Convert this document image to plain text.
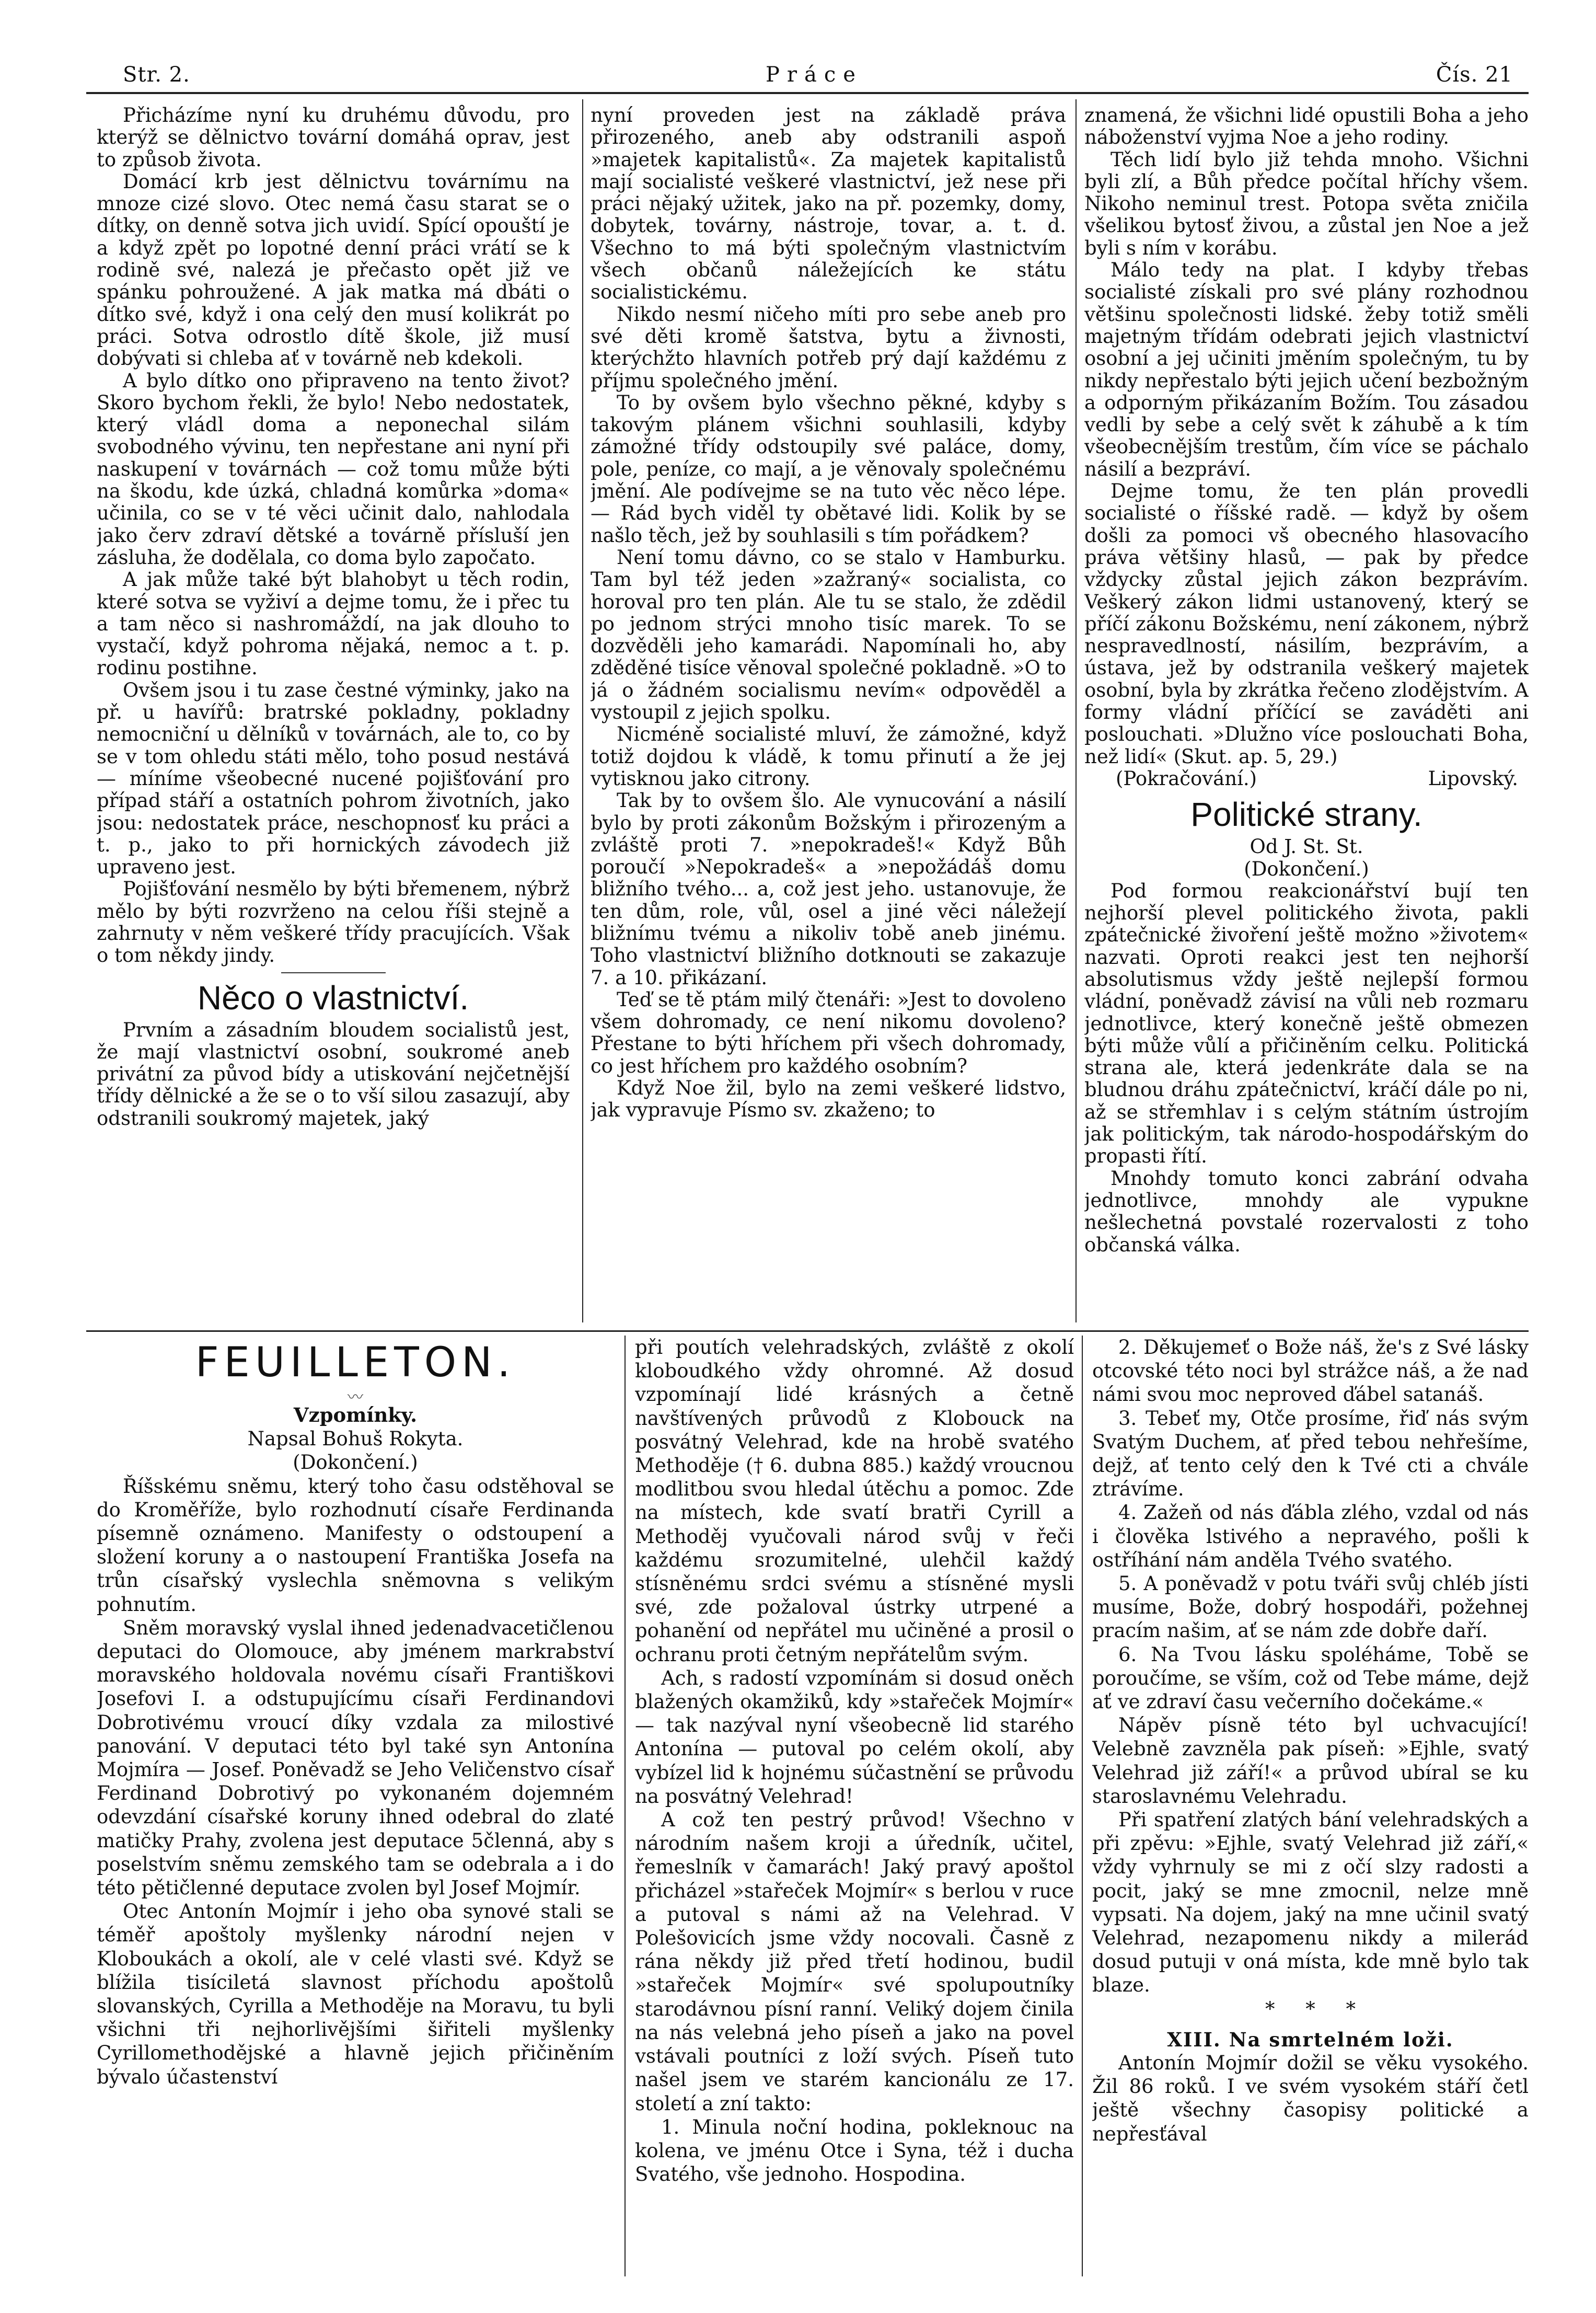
Str. 2.	Práce	Čís. 21

Přicházíme nyní ku druhému důvodu, pro kterýž se dělnictvo tovární domáhá oprav, jest to způsob života.

Domácí krb jest dělnictvu továrnímu na mnoze cizé slovo. Otec nemá času starat se o dítky, on denně sotva jich uvidí. Spící opouští je a když zpět po lopotné denní práci vrátí se k rodině své, nalezá je přečasto opět již ve spánku pohroužené. A jak matka má dbáti o dítko své, když i ona celý den musí kolikrát po práci. Sotva odrostlo dítě škole, již musí dobývati si chleba ať v továrně neb kdekoli.

A bylo dítko ono připraveno na tento život? Skoro bychom řekli, že bylo! Nebo nedostatek, který vládl doma a neponechal silám svobodného vývinu, ten nepřestane ani nyní při naskupení v továrnách — což tomu může býti na škodu, kde úzká, chladná komůrka »doma« učinila, co se v té věci učinit dalo, nahlodala jako červ zdraví dětské a továrně přísluší jen zásluha, že dodělala, co doma bylo započato.

A jak může také být blahobyt u těch rodin, které sotva se vyživí a dejme tomu, že i přec tu a tam něco si nashromáždí, na jak dlouho to vystačí, když pohroma nějaká, nemoc a t. p. rodinu postihne.

Ovšem jsou i tu zase čestné výminky, jako na př. u havířů: bratrské pokladny, pokladny nemocniční u dělníků v továrnách, ale to, co by se v tom ohledu státi mělo, toho posud nestává — míníme všeobecné nucené pojišťování pro případ stáří a ostatních pohrom životních, jako jsou: nedostatek práce, neschopnosť ku práci a t. p., jako to při hornických závodech již upraveno jest.

Pojišťování nesmělo by býti břemenem, nýbrž mělo by býti rozvrženo na celou říši stejně a zahrnuty v něm veškeré třídy pracujících. Však o tom někdy jindy.

Něco o vlastnictví.

Prvním a zásadním bloudem socialistů jest, že mají vlastnictví osobní, soukromé aneb privátní za původ bídy a utiskování nejčetnější třídy dělnické a že se o to vší silou zasazují, aby odstranili soukromý majetek, jaký

nyní proveden jest na základě práva přirozeného, aneb aby odstranili aspoň »majetek kapitalistů«. Za majetek kapitalistů mají socialisté veškeré vlastnictví, jež nese při práci nějaký užitek, jako na př. pozemky, domy, dobytek, továrny, nástroje, tovar, a. t. d. Všechno to má býti společným vlastnictvím všech občanů náležejících ke státu socialistickému.

Nikdo nesmí ničeho míti pro sebe aneb pro své děti kromě šatstva, bytu a živnosti, kterýchžto hlavních potřeb prý dají každému z příjmu společného jmění.

To by ovšem bylo všechno pěkné, kdyby s takovým plánem všichni souhlasili, kdyby zámožné třídy odstoupily své paláce, domy, pole, peníze, co mají, a je věnovaly společnému jmění. Ale podívejme se na tuto věc něco lépe. — Rád bych viděl ty obětavé lidi. Kolik by se našlo těch, jež by souhlasili s tím pořádkem?

Není tomu dávno, co se stalo v Hamburku. Tam byl též jeden »zažraný« socialista, co horoval pro ten plán. Ale tu se stalo, že zdědil po jednom strýci mnoho tisíc marek. To se dozvěděli jeho kamarádi. Napomínali ho, aby zděděné tisíce věnoval společné pokladně. »O to já o žádném socialismu nevím« odpověděl a vystoupil z jejich spolku.

Nicméně socialisté mluví, že zámožné, když totiž dojdou k vládě, k tomu přinutí a že jej vytisknou jako citrony.

Tak by to ovšem šlo. Ale vynucování a násilí bylo by proti zákonům Božským i přirozeným a zvláště proti 7. »nepokradeš!« Když Bůh poroučí »Nepokradeš« a »nepožádáš domu bližního tvého... a, což jest jeho. ustanovuje, že ten dům, role, vůl, osel a jiné věci náležejí bližnímu tvému a nikoliv tobě aneb jinému. Toho vlastnictví bližního dotknouti se zakazuje 7. a 10. přikázaní.

Teď se tě ptám milý čtenáři: »Jest to dovoleno všem dohromady, ce není nikomu dovoleno? Přestane to býti hříchem při všech dohromady, co jest hříchem pro každého osobním?

Když Noe žil, bylo na zemi veškeré lidstvo, jak vypravuje Písmo sv. zkaženo; to

znamená, že všichni lidé opustili Boha a jeho náboženství vyjma Noe a jeho rodiny.

Těch lidí bylo již tehda mnoho. Všichni byli zlí, a Bůh předce počítal hříchy všem. Nikoho neminul trest. Potopa světa zničila všelikou bytosť živou, a zůstal jen Noe a jež byli s ním v korábu.

Málo tedy na plat. I kdyby třebas socialisté získali pro své plány rozhodnou většinu společnosti lidské. žeby totiž směli majetným třídám odebrati jejich vlastnictví osobní a jej učiniti jměním společným, tu by nikdy nepřestalo býti jejich učení bezbožným a odporným přikázaním Božím. Tou zásadou vedli by sebe a celý svět k záhubě a k tím všeobecnějším trestům, čím více se páchalo násilí a bezpráví.

Dejme tomu, že ten plán provedli socialisté o říšské radě. — když by ošem došli za pomoci vš obecného hlasovacího práva většiny hlasů, — pak by předce vždycky zůstal jejich zákon bezprávím. Veškerý zákon lidmi ustanovený, který se příčí zákonu Božskému, není zákonem, nýbrž nespravedlností, násilím, bezprávím, a ústava, jež by odstranila veškerý majetek osobní, byla by zkrátka řečeno zlodějstvím. A formy vládní příčící se zaváděti ani poslouchati. »Dlužno více poslouchati Boha, než lidí« (Skut. ap. 5, 29.)

(Pokračování.)	Lipovský.
Politické strany.

Od J. St. St.

(Dokončení.)

Pod formou reakcionářství bují ten nejhorší plevel politického života, pakli zpátečnické živoření ještě možno »životem« nazvati. Oproti reakci jest ten nejhorší absolutismus vždy ještě nejlepší formou vládní, poněvadž závisí na vůli neb rozmaru jednotlivce, který konečně ještě obmezen býti může vůlí a přičiněním celku. Politická strana ale, která jedenkráte dala se na bludnou dráhu zpátečnictví, kráčí dále po ni, až se střemhlav i s celým státním ústrojím jak politickým, tak národo-hospodářským do propasti řítí.

Mnohdy tomuto konci zabrání odvaha jednotlivce, mnohdy ale vypukne nešlechetná povstalé rozervalosti z toho občanská válka.

FEUILLETON.
〰

Vzpomínky.

Napsal Bohuš Rokyta.

(Dokončení.)

Říšskému sněmu, který toho času odstěhoval se do Kroměříže, bylo rozhodnutí císaře Ferdinanda písemně oznámeno. Manifesty o odstoupení a složení koruny a o nastoupení Františka Josefa na trůn císařský vyslechla sněmovna s velikým pohnutím.

Sněm moravský vyslal ihned jedenadvacetičlenou deputaci do Olomouce, aby jménem markrabství moravského holdovala novému císaři Františkovi Josefovi I. a odstupujícímu císaři Ferdinandovi Dobrotivému vroucí díky vzdala za milostivé panování. V deputaci této byl také syn Antonína Mojmíra — Josef. Poněvadž se Jeho Veličenstvo císař Ferdinand Dobrotivý po vykonaném dojemném odevzdání císařské koruny ihned odebral do zlaté matičky Prahy, zvolena jest deputace 5členná, aby s poselstvím sněmu zemského tam se odebrala a i do této pětičlenné deputace zvolen byl Josef Mojmír.

Otec Antonín Mojmír i jeho oba synové stali se téměř apoštoly myšlenky národní nejen v Kloboukách a okolí, ale v celé vlasti své. Když se blížila tisíciletá slavnost příchodu apoštolů slovanských, Cyrilla a Methoděje na Moravu, tu byli všichni tři nejhorlivějšími šiřiteli myšlenky Cyrillomethodějské a hlavně jejich přičiněním bývalo účastenství

při poutích velehradských, zvláště z okolí kloboudkého vždy ohromné. Až dosud vzpomínají lidé krásných a četně navštívených průvodů z Klobouck na posvátný Velehrad, kde na hrobě svatého Methoděje († 6. dubna 885.) každý vroucnou modlitbou svou hledal útěchu a pomoc. Zde na místech, kde svatí bratři Cyrill a Methoděj vyučovali národ svůj v řeči každému srozumitelné, ulehčil každý stísněnému srdci svému a stísněné mysli své, zde požaloval ústrky utrpené a pohanění od nepřátel mu učiněné a prosil o ochranu proti četným nepřátelům svým.

Ach, s radostí vzpomínám si dosud oněch blažených okamžiků, kdy »stařeček Mojmír« — tak nazýval nyní všeobecně lid starého Antonína — putoval po celém okolí, aby vybízel lid k hojnému súčastnění se průvodu na posvátný Velehrad!

A což ten pestrý průvod! Všechno v národním našem kroji a úředník, učitel, řemeslník v čamarách! Jaký pravý apoštol přicházel »stařeček Mojmír« s berlou v ruce a putoval s námi až na Velehrad. V Polešovicích jsme vždy nocovali. Časně z rána někdy již před třetí hodinou, budil »stařeček Mojmír« své spolupoutníky starodávnou písní ranní. Veliký dojem činila na nás velebná jeho píseň a jako na povel vstávali poutníci z loží svých. Píseň tuto našel jsem ve starém kancionálu ze 17. století a zní takto:

1. Minula noční hodina, pokleknouc na kolena, ve jménu Otce i Syna, též i ducha Svatého, vše jednoho. Hospodina.

2. Děkujemeť o Bože náš, že's z Své lásky otcovské této noci byl strážce náš, a že nad námi svou moc neproved ďábel satanáš.

3. Tebeť my, Otče prosíme, řiď nás svým Svatým Duchem, ať před tebou nehřešíme, dejž, ať tento celý den k Tvé cti a chvále ztrávíme.

4. Zažeň od nás ďábla zlého, vzdal od nás i člověka lstivého a nepravého, pošli k ostříhání nám anděla Tvého svatého.

5. A poněvadž v potu tváři svůj chléb jísti musíme, Bože, dobrý hospodáři, požehnej pracím našim, ať se nám zde dobře daří.

6. Na Tvou lásku spoléháme, Tobě se poroučíme, se vším, což od Tebe máme, dejž ať ve zdraví času večerního dočekáme.«

Nápěv písně této byl uchvacující! Velebně zavzněla pak píseň: »Ejhle, svatý Velehrad již září!« a průvod ubíral se ku staroslavnému Velehradu.

Při spatření zlatých bání velehradských a při zpěvu: »Ejhle, svatý Velehrad již září,« vždy vyhrnuly se mi z očí slzy radosti a pocit, jaký se mne zmocnil, nelze mně vypsati. Na dojem, jaký na mne učinil svatý Velehrad, nezapomenu nikdy a milerád dosud putuji v oná místa, kde mně bylo tak blaze.

*     *     *

XIII. Na smrtelném loži.

Antonín Mojmír dožil se věku vysokého. Žil 86 roků. I ve svém vysokém stáří četl ještě všechny časopisy politické a nepřesťával
